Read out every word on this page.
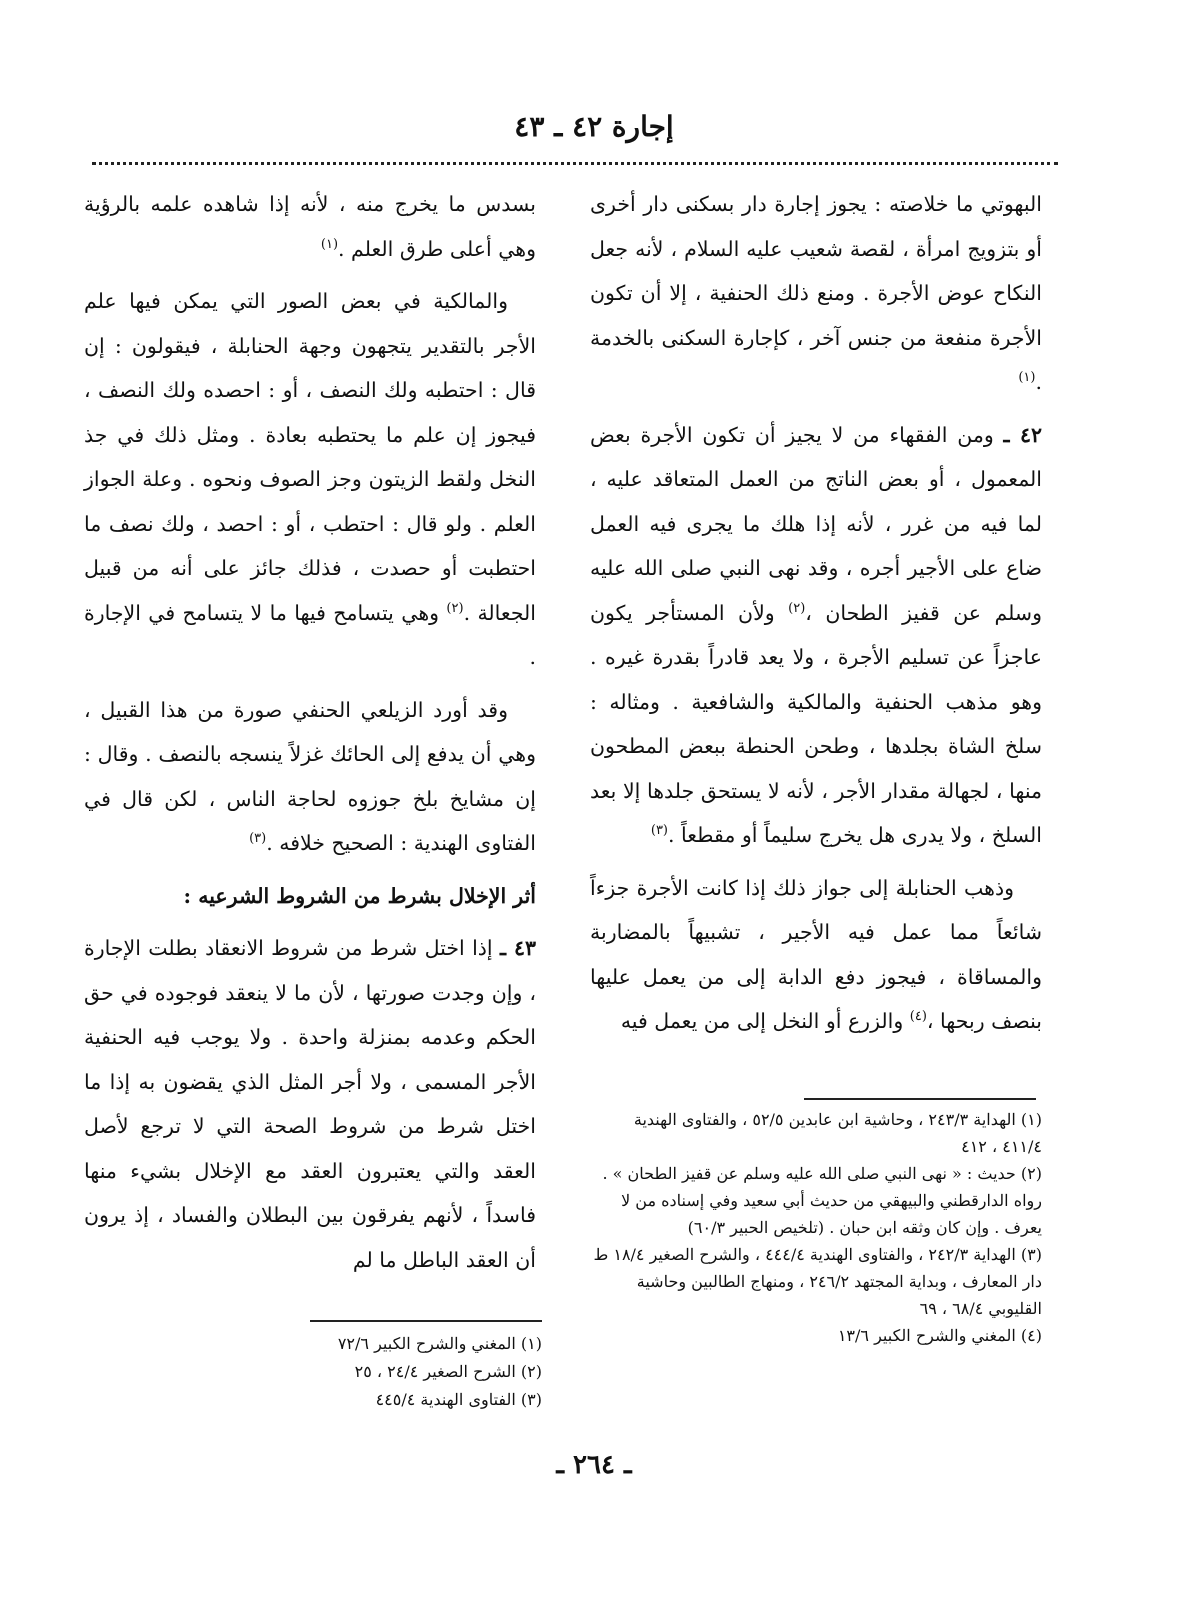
إجارة ٤٢ ـ ٤٣

البهوتي ما خلاصته : يجوز إجارة دار بسكنى دار أخرى أو بتزويج امرأة ، لقصة شعيب عليه السلام ، لأنه جعل النكاح عوض الأجرة . ومنع ذلك الحنفية ، إلا أن تكون الأجرة منفعة من جنس آخر ، كإجارة السكنى بالخدمة .$^{(١)}$

٤٢ ـ ومن الفقهاء من لا يجيز أن تكون الأجرة بعض المعمول ، أو بعض الناتج من العمل المتعاقد عليه ، لما فيه من غرر ، لأنه إذا هلك ما يجرى فيه العمل ضاع على الأجير أجره ، وقد نهى النبي صلى الله عليه وسلم عن قفيز الطحان ،$^{(٢)}$ ولأن المستأجر يكون عاجزاً عن تسليم الأجرة ، ولا يعد قادراً بقدرة غيره . وهو مذهب الحنفية والمالكية والشافعية . ومثاله : سلخ الشاة بجلدها ، وطحن الحنطة ببعض المطحون منها ، لجهالة مقدار الأجر ، لأنه لا يستحق جلدها إلا بعد السلخ ، ولا يدرى هل يخرج سليماً أو مقطعاً .$^{(٣)}$

وذهب الحنابلة إلى جواز ذلك إذا كانت الأجرة جزءاً شائعاً مما عمل فيه الأجير ، تشبيهاً بالمضاربة والمساقاة ، فيجوز دفع الدابة إلى من يعمل عليها بنصف ربحها ،$^{(٤)}$ والزرع أو النخل إلى من يعمل فيه

بسدس ما يخرج منه ، لأنه إذا شاهده علمه بالرؤية وهي أعلى طرق العلم .$^{(١)}$

والمالكية في بعض الصور التي يمكن فيها علم الأجر بالتقدير يتجهون وجهة الحنابلة ، فيقولون : إن قال : احتطبه ولك النصف ، أو : احصده ولك النصف ، فيجوز إن علم ما يحتطبه بعادة . ومثل ذلك في جذ النخل ولقط الزيتون وجز الصوف ونحوه . وعلة الجواز العلم . ولو قال : احتطب ، أو : احصد ، ولك نصف ما احتطبت أو حصدت ، فذلك جائز على أنه من قبيل الجعالة .$^{(٢)}$ وهي يتسامح فيها ما لا يتسامح في الإجارة .

وقد أورد الزيلعي الحنفي صورة من هذا القبيل ، وهي أن يدفع إلى الحائك غزلاً ينسجه بالنصف . وقال : إن مشايخ بلخ جوزوه لحاجة الناس ، لكن قال في الفتاوى الهندية : الصحيح خلافه .$^{(٣)}$

أثر الإخلال بشرط من الشروط الشرعيه :

٤٣ ـ إذا اختل شرط من شروط الانعقاد بطلت الإجارة ، وإن وجدت صورتها ، لأن ما لا ينعقد فوجوده في حق الحكم وعدمه بمنزلة واحدة . ولا يوجب فيه الحنفية الأجر المسمى ، ولا أجر المثل الذي يقضون به إذا ما اختل شرط من شروط الصحة التي لا ترجع لأصل العقد والتي يعتبرون العقد مع الإخلال بشيء منها فاسداً ، لأنهم يفرقون بين البطلان والفساد ، إذ يرون أن العقد الباطل ما لم

(١) الهداية ٢٤٣/٣ ، وحاشية ابن عابدين ٥٢/٥ ، والفتاوى الهندية ٤١١/٤ ، ٤١٢

(٢) حديث : « نهى النبي صلى الله عليه وسلم عن قفيز الطحان » . رواه الدارقطني والبيهقي من حديث أبي سعيد وفي إسناده من لا يعرف . وإن كان وثقه ابن حبان . (تلخيص الحبير ٦٠/٣)

(٣) الهداية ٢٤٢/٣ ، والفتاوى الهندية ٤٤٤/٤ ، والشرح الصغير ١٨/٤ ط دار المعارف ، وبداية المجتهد ٢٤٦/٢ ، ومنهاج الطالبين وحاشية القليوبي ٦٨/٤ ، ٦٩

(٤) المغني والشرح الكبير ١٣/٦

(١) المغني والشرح الكبير ٧٢/٦

(٢) الشرح الصغير ٢٤/٤ ، ٢٥

(٣) الفتاوى الهندية ٤٤٥/٤

ـ ٢٦٤ ـ
